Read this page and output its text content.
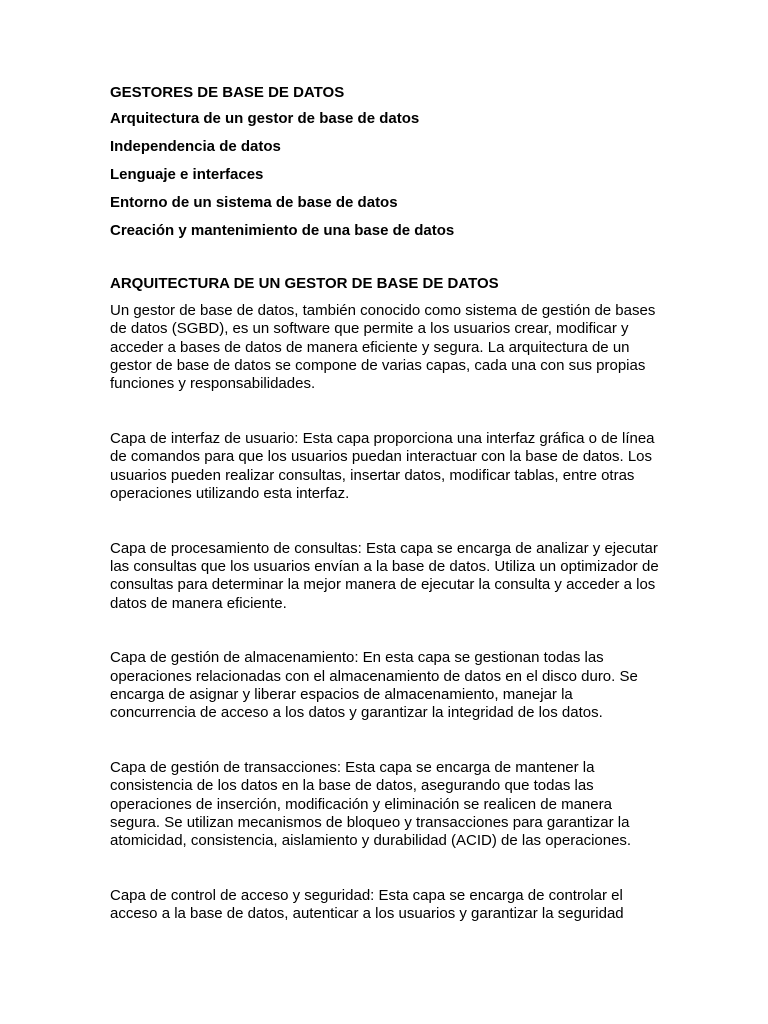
GESTORES DE BASE DE DATOS
Arquitectura de un gestor de base de datos
Independencia de datos
Lenguaje e interfaces
Entorno de un sistema de base de datos
Creación y mantenimiento de una base de datos
ARQUITECTURA DE UN GESTOR DE BASE DE DATOS

Un gestor de base de datos, también conocido como sistema de gestión de bases de datos (SGBD), es un software que permite a los usuarios crear, modificar y acceder a bases de datos de manera eficiente y segura. La arquitectura de un gestor de base de datos se compone de varias capas, cada una con sus propias funciones y responsabilidades.

Capa de interfaz de usuario: Esta capa proporciona una interfaz gráfica o de línea de comandos para que los usuarios puedan interactuar con la base de datos. Los usuarios pueden realizar consultas, insertar datos, modificar tablas, entre otras operaciones utilizando esta interfaz.

Capa de procesamiento de consultas: Esta capa se encarga de analizar y ejecutar las consultas que los usuarios envían a la base de datos. Utiliza un optimizador de consultas para determinar la mejor manera de ejecutar la consulta y acceder a los datos de manera eficiente.

Capa de gestión de almacenamiento: En esta capa se gestionan todas las operaciones relacionadas con el almacenamiento de datos en el disco duro. Se encarga de asignar y liberar espacios de almacenamiento, manejar la concurrencia de acceso a los datos y garantizar la integridad de los datos.

Capa de gestión de transacciones: Esta capa se encarga de mantener la consistencia de los datos en la base de datos, asegurando que todas las operaciones de inserción, modificación y eliminación se realicen de manera segura. Se utilizan mecanismos de bloqueo y transacciones para garantizar la atomicidad, consistencia, aislamiento y durabilidad (ACID) de las operaciones.

Capa de control de acceso y seguridad: Esta capa se encarga de controlar el acceso a la base de datos, autenticar a los usuarios y garantizar la seguridad
